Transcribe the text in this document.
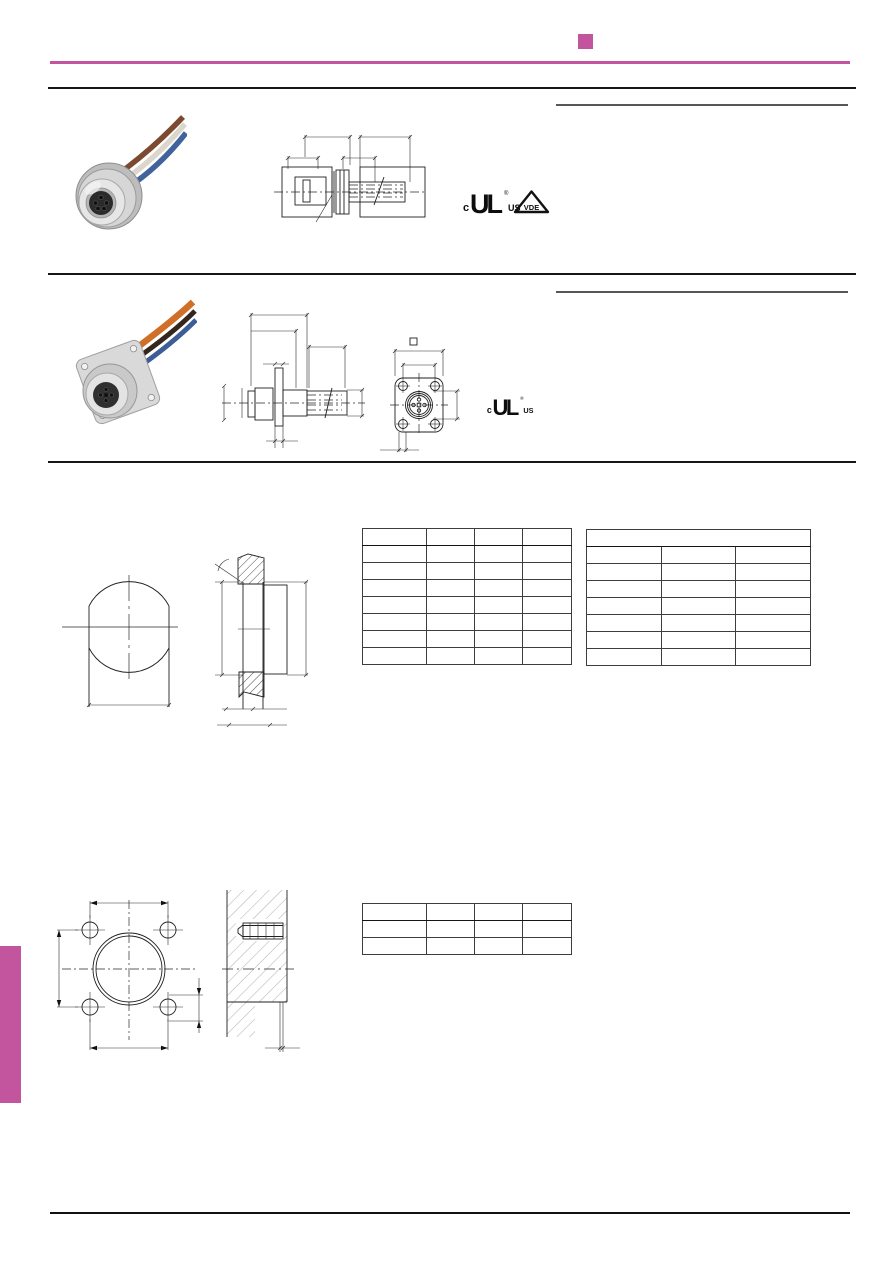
c UL ®
US VDE
c UL ®
US
